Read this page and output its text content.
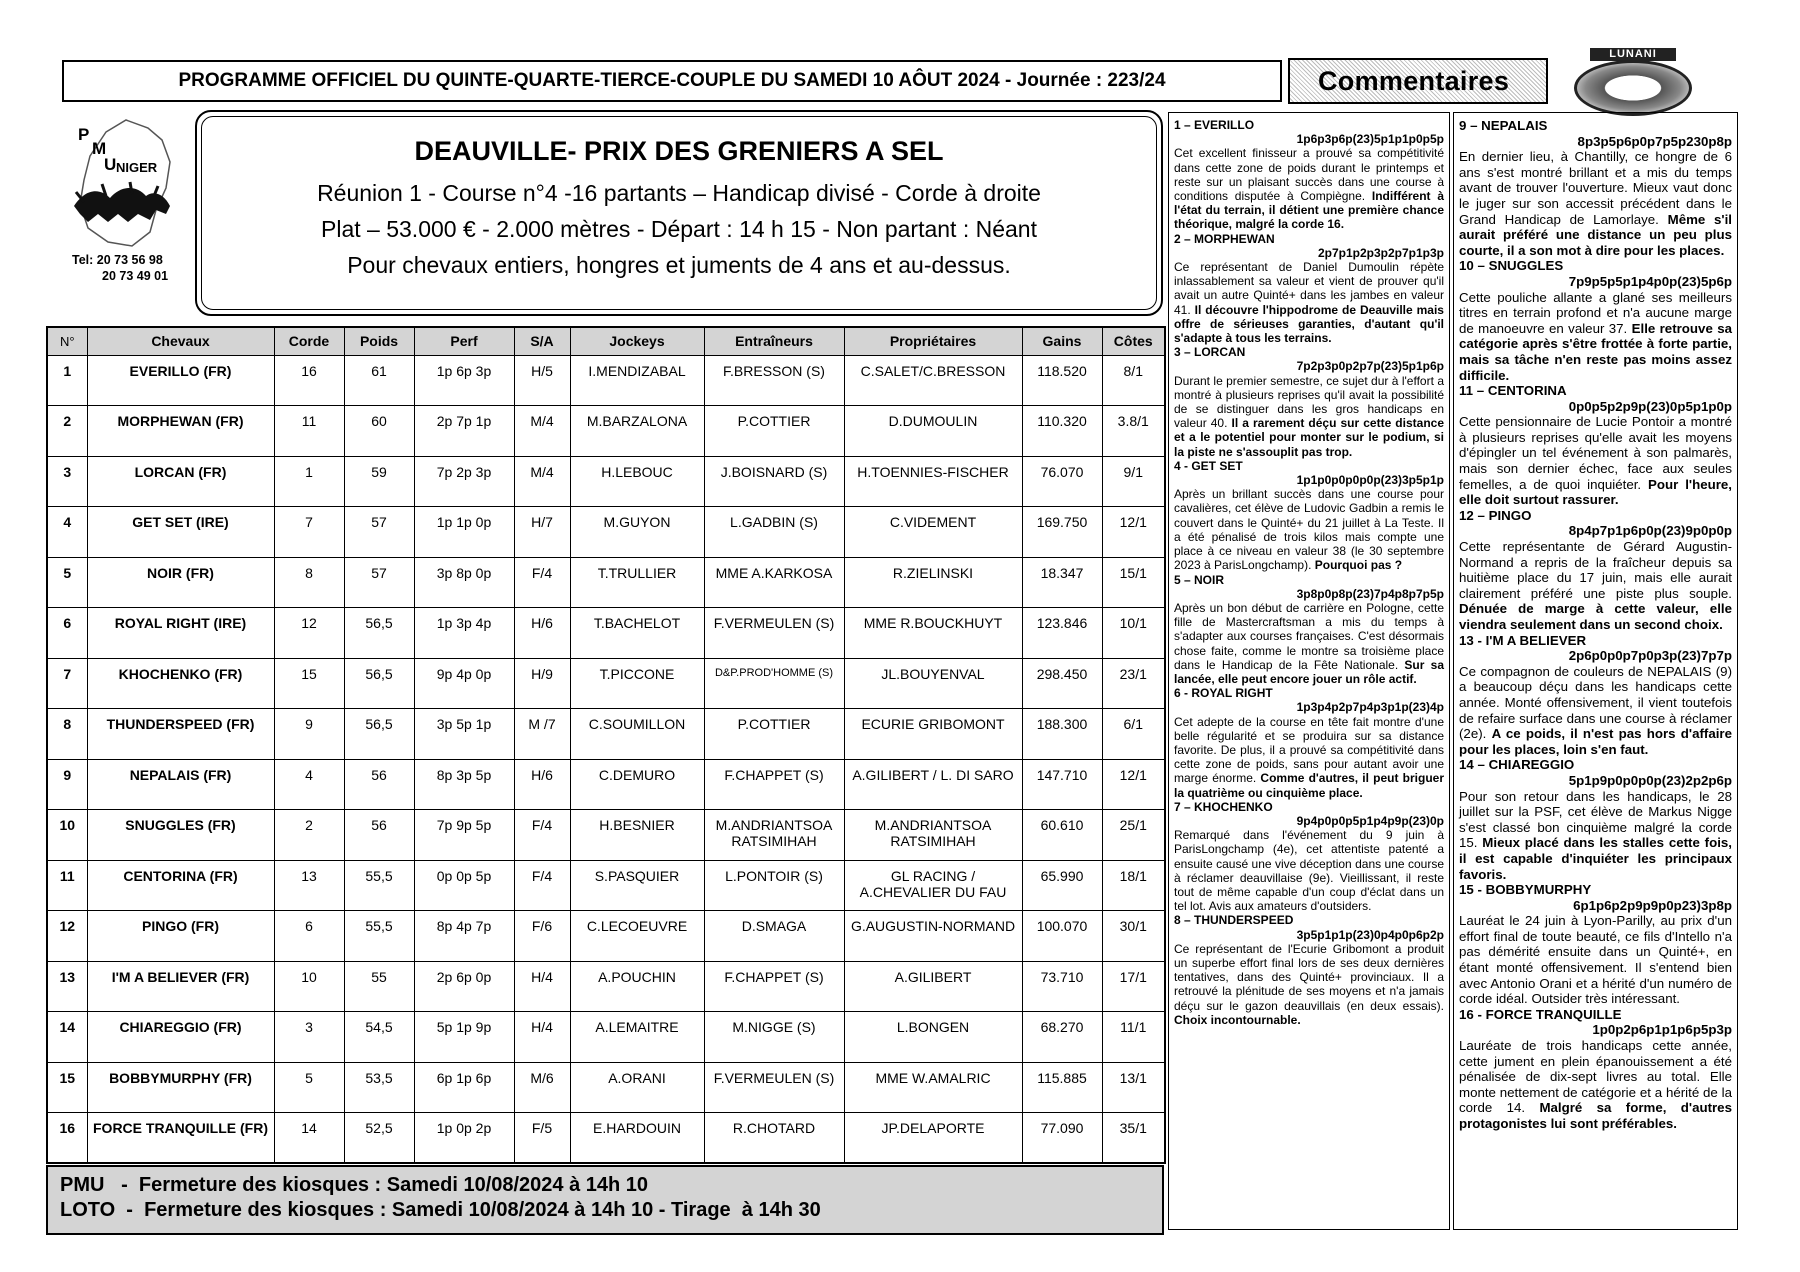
PROGRAMME OFFICIEL DU QUINTE-QUARTE-TIERCE-COUPLE DU SAMEDI 10 AÔUT 2024 - Journée : 223/24	Commentaires
LUNANI
P
M
U NIGER
Tel: 20 73 56 98
20 73 49 01
DEAUVILLE- PRIX DES GRENIERS A SEL
Réunion 1 - Course n°4 -16 partants – Handicap divisé - Corde à droite
Plat – 53.000 € - 2.000 mètres - Départ : 14 h 15 - Non partant : Néant
Pour chevaux entiers, hongres et juments de 4 ans et au-dessus.
N°	Chevaux	Corde	Poids	Perf	S/A	Jockeys	Entraîneurs	Propriétaires	Gains	Côtes
1	EVERILLO (FR)	16	61	1p 6p 3p	H/5	I.MENDIZABAL	F.BRESSON (S)	C.SALET/C.BRESSON	118.520	8/1
2	MORPHEWAN (FR)	11	60	2p 7p 1p	M/4	M.BARZALONA	P.COTTIER	D.DUMOULIN	110.320	3.8/1
3	LORCAN (FR)	1	59	7p 2p 3p	M/4	H.LEBOUC	J.BOISNARD (S)	H.TOENNIES-FISCHER	76.070	9/1
4	GET SET (IRE)	7	57	1p 1p 0p	H/7	M.GUYON	L.GADBIN (S)	C.VIDEMENT	169.750	12/1
5	NOIR (FR)	8	57	3p 8p 0p	F/4	T.TRULLIER	MME A.KARKOSA	R.ZIELINSKI	18.347	15/1
6	ROYAL RIGHT (IRE)	12	56,5	1p 3p 4p	H/6	T.BACHELOT	F.VERMEULEN (S)	MME R.BOUCKHUYT	123.846	10/1
7	KHOCHENKO (FR)	15	56,5	9p 4p 0p	H/9	T.PICCONE	D&P.PROD'HOMME (S)	JL.BOUYENVAL	298.450	23/1
8	THUNDERSPEED (FR)	9	56,5	3p 5p 1p	M /7	C.SOUMILLON	P.COTTIER	ECURIE GRIBOMONT	188.300	6/1
9	NEPALAIS (FR)	4	56	8p 3p 5p	H/6	C.DEMURO	F.CHAPPET (S)	A.GILIBERT / L. DI SARO	147.710	12/1
10	SNUGGLES (FR)	2	56	7p 9p 5p	F/4	H.BESNIER	M.ANDRIANTSOA RATSIMIHAH	M.ANDRIANTSOA RATSIMIHAH	60.610	25/1
11	CENTORINA (FR)	13	55,5	0p 0p 5p	F/4	S.PASQUIER	L.PONTOIR (S)	GL RACING / A.CHEVALIER DU FAU	65.990	18/1
12	PINGO (FR)	6	55,5	8p 4p 7p	F/6	C.LECOEUVRE	D.SMAGA	G.AUGUSTIN-NORMAND	100.070	30/1
13	I'M A BELIEVER (FR)	10	55	2p 6p 0p	H/4	A.POUCHIN	F.CHAPPET (S)	A.GILIBERT	73.710	17/1
14	CHIAREGGIO (FR)	3	54,5	5p 1p 9p	H/4	A.LEMAITRE	M.NIGGE (S)	L.BONGEN	68.270	11/1
15	BOBBYMURPHY (FR)	5	53,5	6p 1p 6p	M/6	A.ORANI	F.VERMEULEN (S)	MME W.AMALRIC	115.885	13/1
16	FORCE TRANQUILLE (FR)	14	52,5	1p 0p 2p	F/5	E.HARDOUIN	R.CHOTARD	JP.DELAPORTE	77.090	35/1
PMU   -  Fermeture des kiosques : Samedi 10/08/2024 à 14h 10
LOTO  -  Fermeture des kiosques : Samedi 10/08/2024 à 14h 10 - Tirage  à 14h 30
1 – EVERILLO
1p6p3p6p(23)5p1p1p0p5p
Cet excellent finisseur a prouvé sa compétitivité dans cette zone de poids durant le printemps et reste sur un plaisant succès dans une course à conditions disputée à Compiègne. Indifférent à l'état du terrain, il détient une première chance théorique, malgré la corde 16.
2 – MORPHEWAN
2p7p1p2p3p2p7p1p3p
Ce représentant de Daniel Dumoulin répète inlassablement sa valeur et vient de prouver qu'il avait un autre Quinté+ dans les jambes en valeur 41. Il découvre l'hippodrome de Deauville mais offre de sérieuses garanties, d'autant qu'il s'adapte à tous les terrains.
3 – LORCAN
7p2p3p0p2p7p(23)5p1p6p
Durant le premier semestre, ce sujet dur à l'effort a montré à plusieurs reprises qu'il avait la possibilité de se distinguer dans les gros handicaps en valeur 40. Il a rarement déçu sur cette distance et a le potentiel pour monter sur le podium, si la piste ne s'assouplit pas trop.
4 - GET SET
1p1p0p0p0p0p(23)3p5p1p
Après un brillant succès dans une course pour cavalières, cet élève de Ludovic Gadbin a remis le couvert dans le Quinté+ du 21 juillet à La Teste. Il a été pénalisé de trois kilos mais compte une place à ce niveau en valeur 38 (le 30 septembre 2023 à ParisLongchamp). Pourquoi pas ?
5 – NOIR
3p8p0p8p(23)7p4p8p7p5p
Après un bon début de carrière en Pologne, cette fille de Mastercraftsman a mis du temps à s'adapter aux courses françaises. C'est désormais chose faite, comme le montre sa troisième place dans le Handicap de la Fête Nationale. Sur sa lancée, elle peut encore jouer un rôle actif.
6 - ROYAL RIGHT
1p3p4p2p7p4p3p1p(23)4p
Cet adepte de la course en tête fait montre d'une belle régularité et se produira sur sa distance favorite. De plus, il a prouvé sa compétitivité dans cette zone de poids, sans pour autant avoir une marge énorme. Comme d'autres, il peut briguer la quatrième ou cinquième place.
7 – KHOCHENKO
9p4p0p0p5p1p4p9p(23)0p
Remarqué dans l'événement du 9 juin à ParisLongchamp (4e), cet attentiste patenté a ensuite causé une vive déception dans une course à réclamer deauvillaise (9e). Vieillissant, il reste tout de même capable d'un coup d'éclat dans un tel lot. Avis aux amateurs d'outsiders.
8 – THUNDERSPEED
3p5p1p1p(23)0p4p0p6p2p
Ce représentant de l'Ecurie Gribomont a produit un superbe effort final lors de ses deux dernières tentatives, dans des Quinté+ provinciaux. Il a retrouvé la plénitude de ses moyens et n'a jamais déçu sur le gazon deauvillais (en deux essais). Choix incontournable.
9 – NEPALAIS
8p3p5p6p0p7p5p230p8p
En dernier lieu, à Chantilly, ce hongre de 6 ans s'est montré brillant et a mis du temps avant de trouver l'ouverture. Mieux vaut donc le juger sur son accessit précédent dans le Grand Handicap de Lamorlaye. Même s'il aurait préféré une distance un peu plus courte, il a son mot à dire pour les places.
10 – SNUGGLES
7p9p5p5p1p4p0p(23)5p6p
Cette pouliche allante a glané ses meilleurs titres en terrain profond et n'a aucune marge de manoeuvre en valeur 37. Elle retrouve sa catégorie après s'être frottée à forte partie, mais sa tâche n'en reste pas moins assez difficile.
11 – CENTORINA
0p0p5p2p9p(23)0p5p1p0p
Cette pensionnaire de Lucie Pontoir a montré à plusieurs reprises qu'elle avait les moyens d'épingler un tel événement à son palmarès, mais son dernier échec, face aux seules femelles, a de quoi inquiéter. Pour l'heure, elle doit surtout rassurer.
12 – PINGO
8p4p7p1p6p0p(23)9p0p0p
Cette représentante de Gérard Augustin-Normand a repris de la fraîcheur depuis sa huitième place du 17 juin, mais elle aurait clairement préféré une piste plus souple. Dénuée de marge à cette valeur, elle viendra seulement dans un second choix.
13 - I'M A BELIEVER
2p6p0p0p7p0p3p(23)7p7p
Ce compagnon de couleurs de NEPALAIS (9) a beaucoup déçu dans les handicaps cette année. Monté offensivement, il vient toutefois de refaire surface dans une course à réclamer (2e). A ce poids, il n'est pas hors d'affaire pour les places, loin s'en faut.
14 – CHIAREGGIO
5p1p9p0p0p0p(23)2p2p6p
Pour son retour dans les handicaps, le 28 juillet sur la PSF, cet élève de Markus Nigge s'est classé bon cinquième malgré la corde 15. Mieux placé dans les stalles cette fois, il est capable d'inquiéter les principaux favoris.
15 - BOBBYMURPHY
6p1p6p2p9p9p0p23)3p8p
Lauréat le 24 juin à Lyon-Parilly, au prix d'un effort final de toute beauté, ce fils d'Intello n'a pas démérité ensuite dans un Quinté+, en étant monté offensivement. Il s'entend bien avec Antonio Orani et a hérité d'un numéro de corde idéal. Outsider très intéressant.
16 - FORCE TRANQUILLE
1p0p2p6p1p1p6p5p3p
Lauréate de trois handicaps cette année, cette jument en plein épanouissement a été pénalisée de dix-sept livres au total. Elle monte nettement de catégorie et a hérité de la corde 14. Malgré sa forme, d'autres protagonistes lui sont préférables.
